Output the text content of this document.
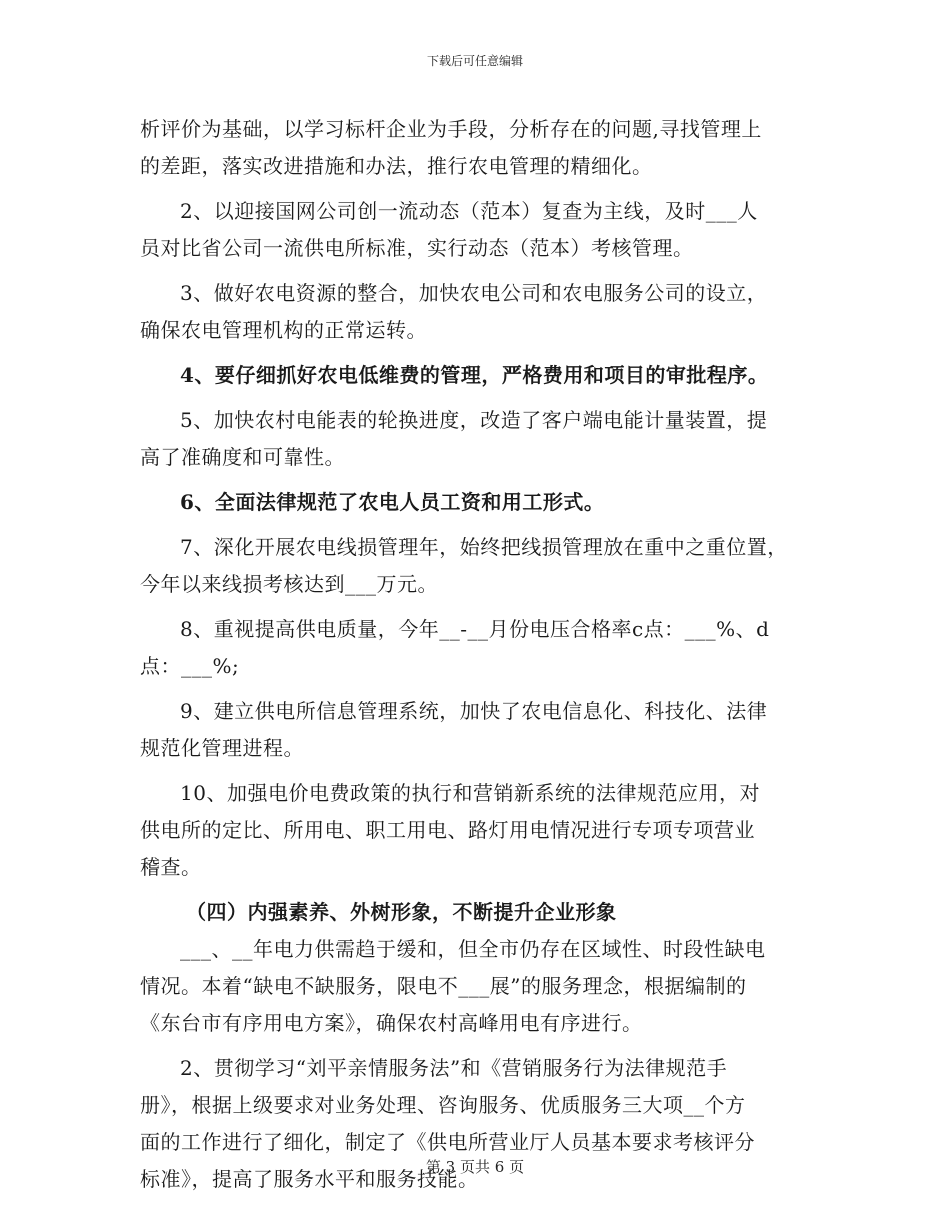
下载后可任意编辑
析评价为基础，以学习标杆企业为手段，分析存在的问题,寻找管理上
的差距，落实改进措施和办法，推行农电管理的精细化。
2、以迎接国网公司创一流动态（范本）复查为主线，及时___人
员对比省公司一流供电所标准，实行动态（范本）考核管理。
3、做好农电资源的整合，加快农电公司和农电服务公司的设立，
确保农电管理机构的正常运转。
4、要仔细抓好农电低维费的管理，严格费用和项目的审批程序。
5、加快农村电能表的轮换进度，改造了客户端电能计量装置，提
高了准确度和可靠性。
6、全面法律规范了农电人员工资和用工形式。
7、深化开展农电线损管理年，始终把线损管理放在重中之重位置，
今年以来线损考核达到___万元。
8、重视提高供电质量，今年__-__月份电压合格率c点：___%、d
点：___%;
9、建立供电所信息管理系统，加快了农电信息化、科技化、法律
规范化管理进程。
10、加强电价电费政策的执行和营销新系统的法律规范应用，对
供电所的定比、所用电、职工用电、路灯用电情况进行专项专项营业
稽查。
（四）内强素养、外树形象，不断提升企业形象
___、__年电力供需趋于缓和，但全市仍存在区域性、时段性缺电
情况。本着“缺电不缺服务，限电不___展”的服务理念，根据编制的
《东台市有序用电方案》，确保农村高峰用电有序进行。
2、贯彻学习“刘平亲情服务法”和《营销服务行为法律规范手
册》，根据上级要求对业务处理、咨询服务、优质服务三大项__个方
面的工作进行了细化，制定了《供电所营业厅人员基本要求考核评分
标准》，提高了服务水平和服务技能。
第 3 页共 6 页
